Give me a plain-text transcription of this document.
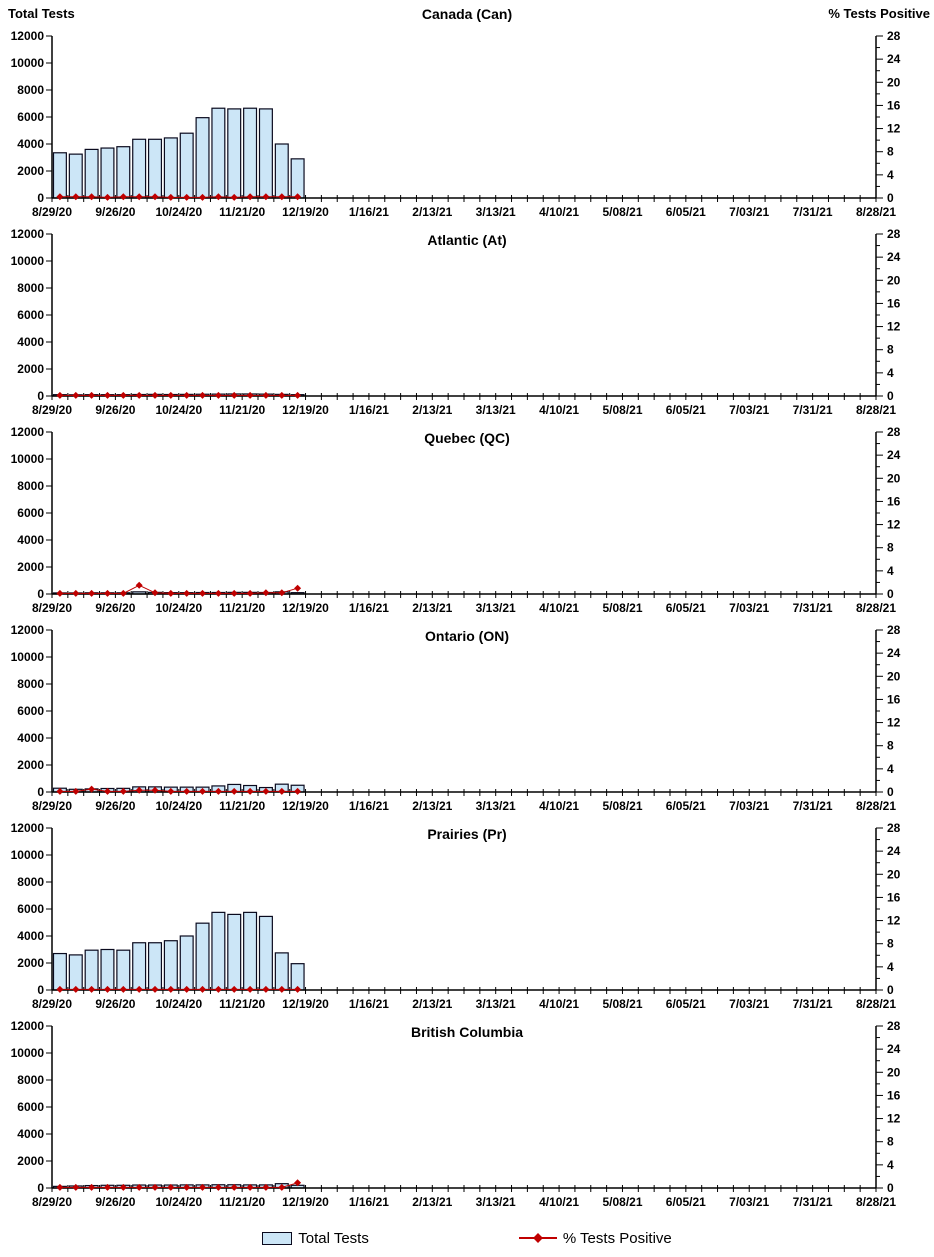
Total Tests	Canada (Can)	% Tests Positive
0
2000
4000
6000
8000
10000
12000
0
4
8
12
16
20
24
28
8/29/20 9/26/20 10/24/20 11/21/20 12/19/20 1/16/21 2/13/21 3/13/21 4/10/21 5/08/21 6/05/21 7/03/21 7/31/21 8/28/21
Atlantic (At)
0
2000
4000
6000
8000
10000
12000
0
4
8
12
16
20
24
28
8/29/20 9/26/20 10/24/20 11/21/20 12/19/20 1/16/21 2/13/21 3/13/21 4/10/21 5/08/21 6/05/21 7/03/21 7/31/21 8/28/21
Quebec (QC)
0
2000
4000
6000
8000
10000
12000
0
4
8
12
16
20
24
28
8/29/20 9/26/20 10/24/20 11/21/20 12/19/20 1/16/21 2/13/21 3/13/21 4/10/21 5/08/21 6/05/21 7/03/21 7/31/21 8/28/21
Ontario (ON)
0
2000
4000
6000
8000
10000
12000
0
4
8
12
16
20
24
28
8/29/20 9/26/20 10/24/20 11/21/20 12/19/20 1/16/21 2/13/21 3/13/21 4/10/21 5/08/21 6/05/21 7/03/21 7/31/21 8/28/21
Prairies (Pr)
0
2000
4000
6000
8000
10000
12000
0
4
8
12
16
20
24
28
8/29/20 9/26/20 10/24/20 11/21/20 12/19/20 1/16/21 2/13/21 3/13/21 4/10/21 5/08/21 6/05/21 7/03/21 7/31/21 8/28/21
British Columbia
0
2000
4000
6000
8000
10000
12000
0
4
8
12
16
20
24
28
8/29/20 9/26/20 10/24/20 11/21/20 12/19/20 1/16/21 2/13/21 3/13/21 4/10/21 5/08/21 6/05/21 7/03/21 7/31/21 8/28/21
Total Tests	% Tests Positive
